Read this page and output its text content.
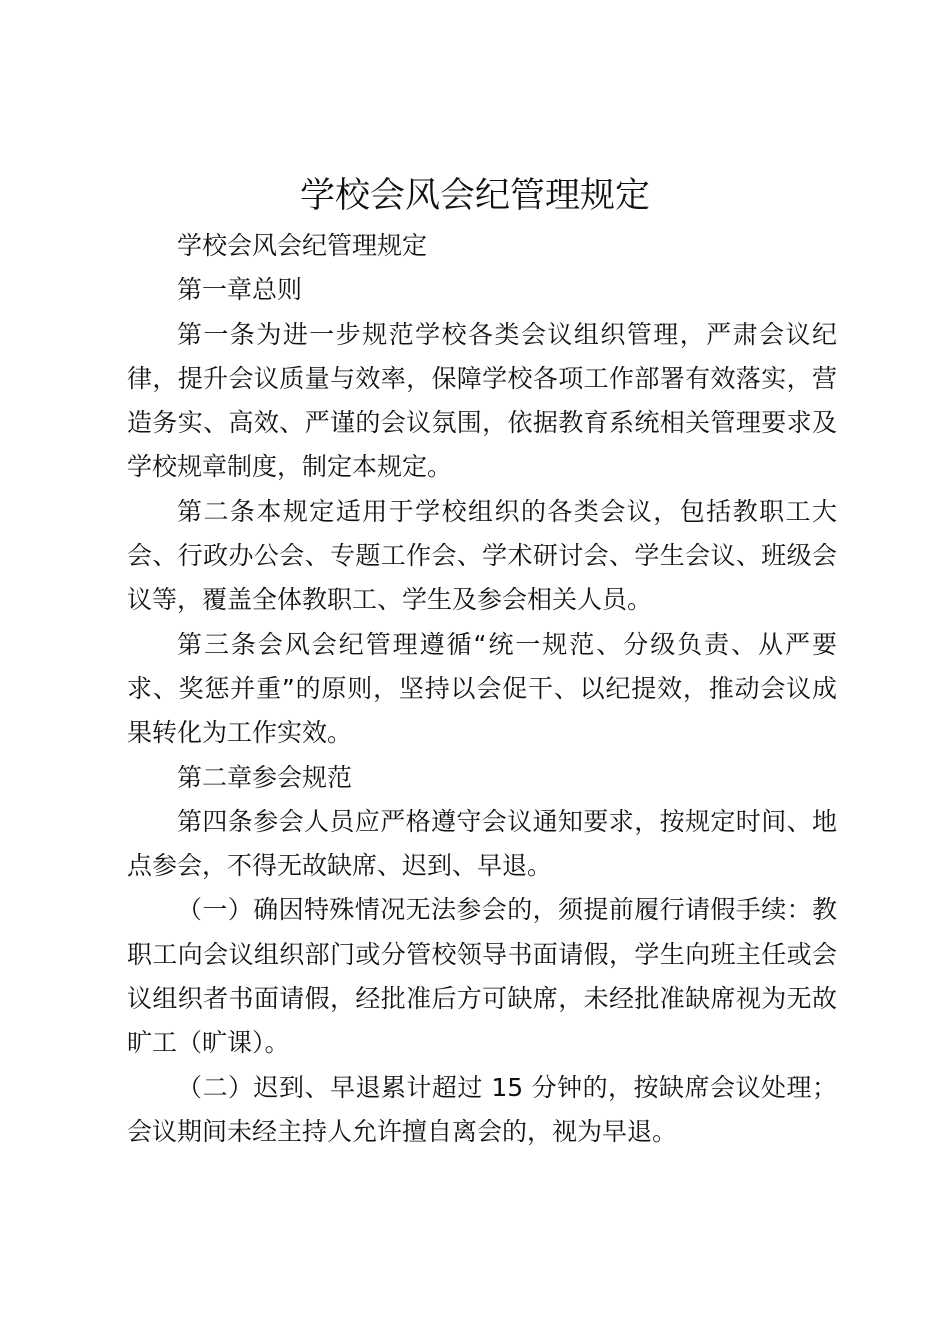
学校会风会纪管理规定

学校会风会纪管理规定

第一章总则

第一条为进一步规范学校各类会议组织管理，严肃会议纪律，提升会议质量与效率，保障学校各项工作部署有效落实，营造务实、高效、严谨的会议氛围，依据教育系统相关管理要求及学校规章制度，制定本规定。

第二条本规定适用于学校组织的各类会议，包括教职工大会、行政办公会、专题工作会、学术研讨会、学生会议、班级会议等，覆盖全体教职工、学生及参会相关人员。

第三条会风会纪管理遵循“统一规范、分级负责、从严要求、奖惩并重”的原则，坚持以会促干、以纪提效，推动会议成果转化为工作实效。

第二章参会规范

第四条参会人员应严格遵守会议通知要求，按规定时间、地点参会，不得无故缺席、迟到、早退。

（一）确因特殊情况无法参会的，须提前履行请假手续：教职工向会议组织部门或分管校领导书面请假，学生向班主任或会议组织者书面请假，经批准后方可缺席，未经批准缺席视为无故旷工（旷课）。

（二）迟到、早退累计超过 15 分钟的，按缺席会议处理；会议期间未经主持人允许擅自离会的，视为早退。
